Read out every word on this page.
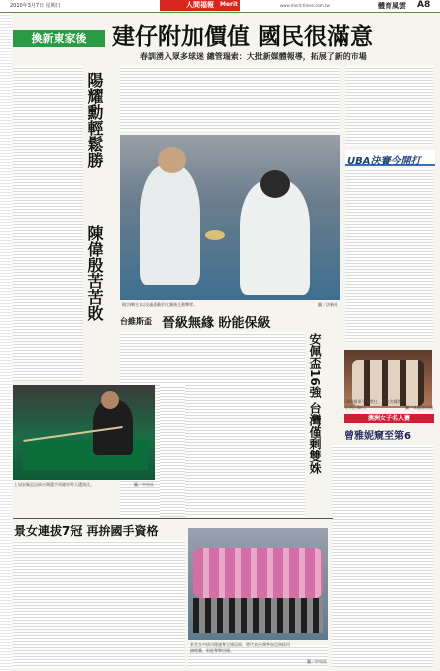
2010年3月7日 星期日	人間福報	Merit Times	www.merit-times.com.tw	體育風雲 A8
換新東家後	建仔附加價值 國民很滿意
春訓湧入眾多球迷 總管瑞索：大批新媒體報導，拓展了新的市場
陽耀勳輕鬆勝
陳偉殷苦苦敗	楊宗樺(左)以及盧彥勳於比賽後互動擊掌。	圖／法新社
台維斯盃 晉級無緣 盼能保級
安佩盃16強 台灣僅剩雙姝
上屆安佩盃冠軍台灣選手周婕妤昨天遭淘汰。	圖／中央社
景女連拔7冠 再拚國手資格
景美女中拔河隊連奪全國冠軍，將代表台灣參加亞洲拔河錦標賽，盼能奪牌回國。
圖／中央社
UBA決賽今開打
UBA賽事今天開打，男女決賽將於明日舉行。	圖／本報資料照
澳洲女子名人賽
曾雅妮窺至第6
